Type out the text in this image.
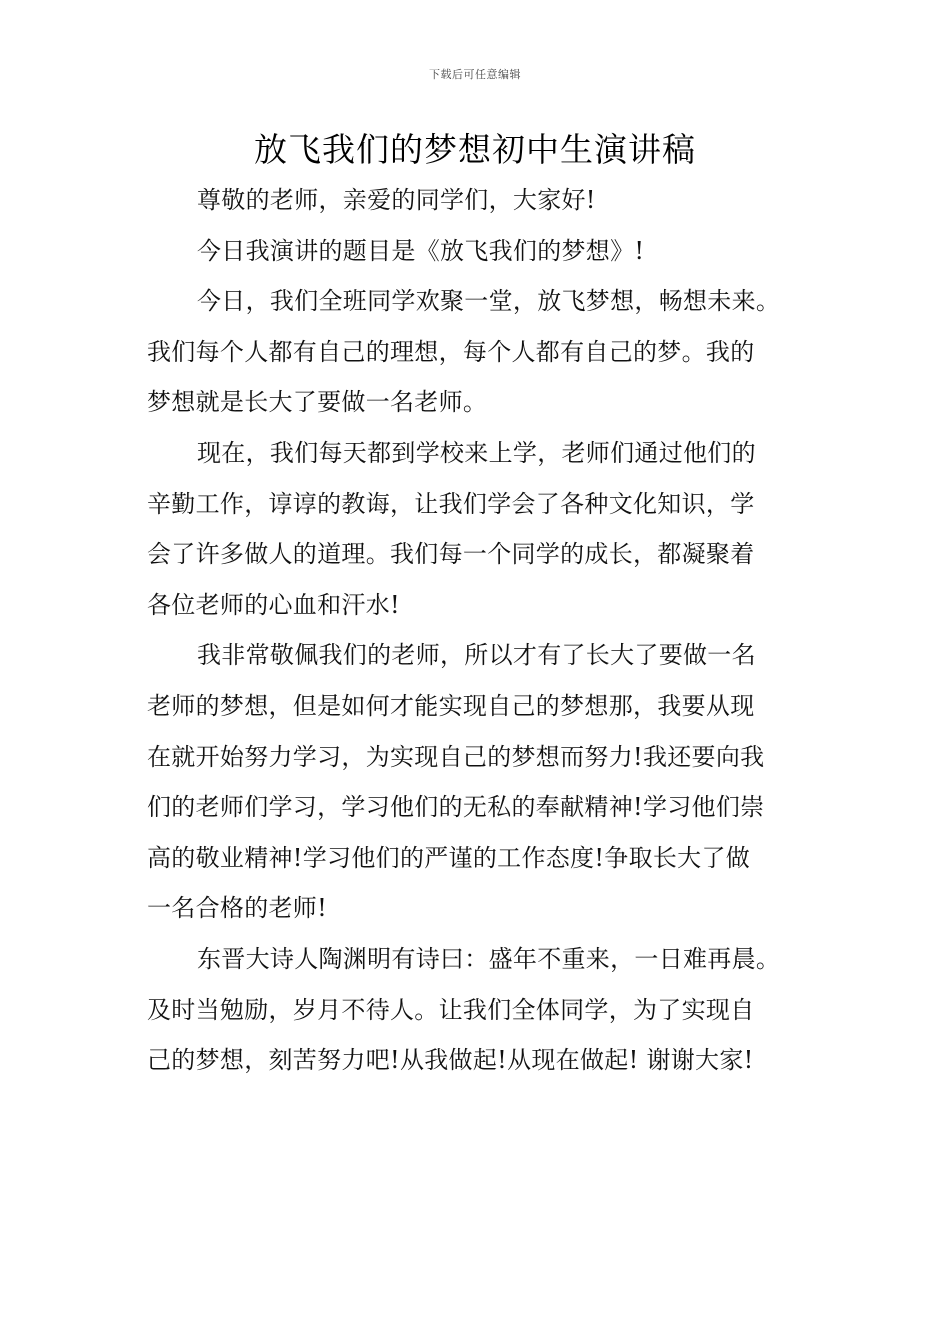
下载后可任意编辑
放飞我们的梦想初中生演讲稿
尊敬的老师，亲爱的同学们，大家好!
今日我演讲的题目是《放飞我们的梦想》!
今日，我们全班同学欢聚一堂，放飞梦想，畅想未来。
我们每个人都有自己的理想，每个人都有自己的梦。我的
梦想就是长大了要做一名老师。
现在，我们每天都到学校来上学，老师们通过他们的
辛勤工作，谆谆的教诲，让我们学会了各种文化知识，学
会了许多做人的道理。我们每一个同学的成长，都凝聚着
各位老师的心血和汗水!
我非常敬佩我们的老师，所以才有了长大了要做一名
老师的梦想，但是如何才能实现自己的梦想那，我要从现
在就开始努力学习，为实现自己的梦想而努力!我还要向我
们的老师们学习，学习他们的无私的奉献精神!学习他们崇
高的敬业精神!学习他们的严谨的工作态度!争取长大了做
一名合格的老师!
东晋大诗人陶渊明有诗曰：盛年不重来，一日难再晨。
及时当勉励，岁月不待人。让我们全体同学，为了实现自
己的梦想，刻苦努力吧!从我做起!从现在做起! 谢谢大家!
